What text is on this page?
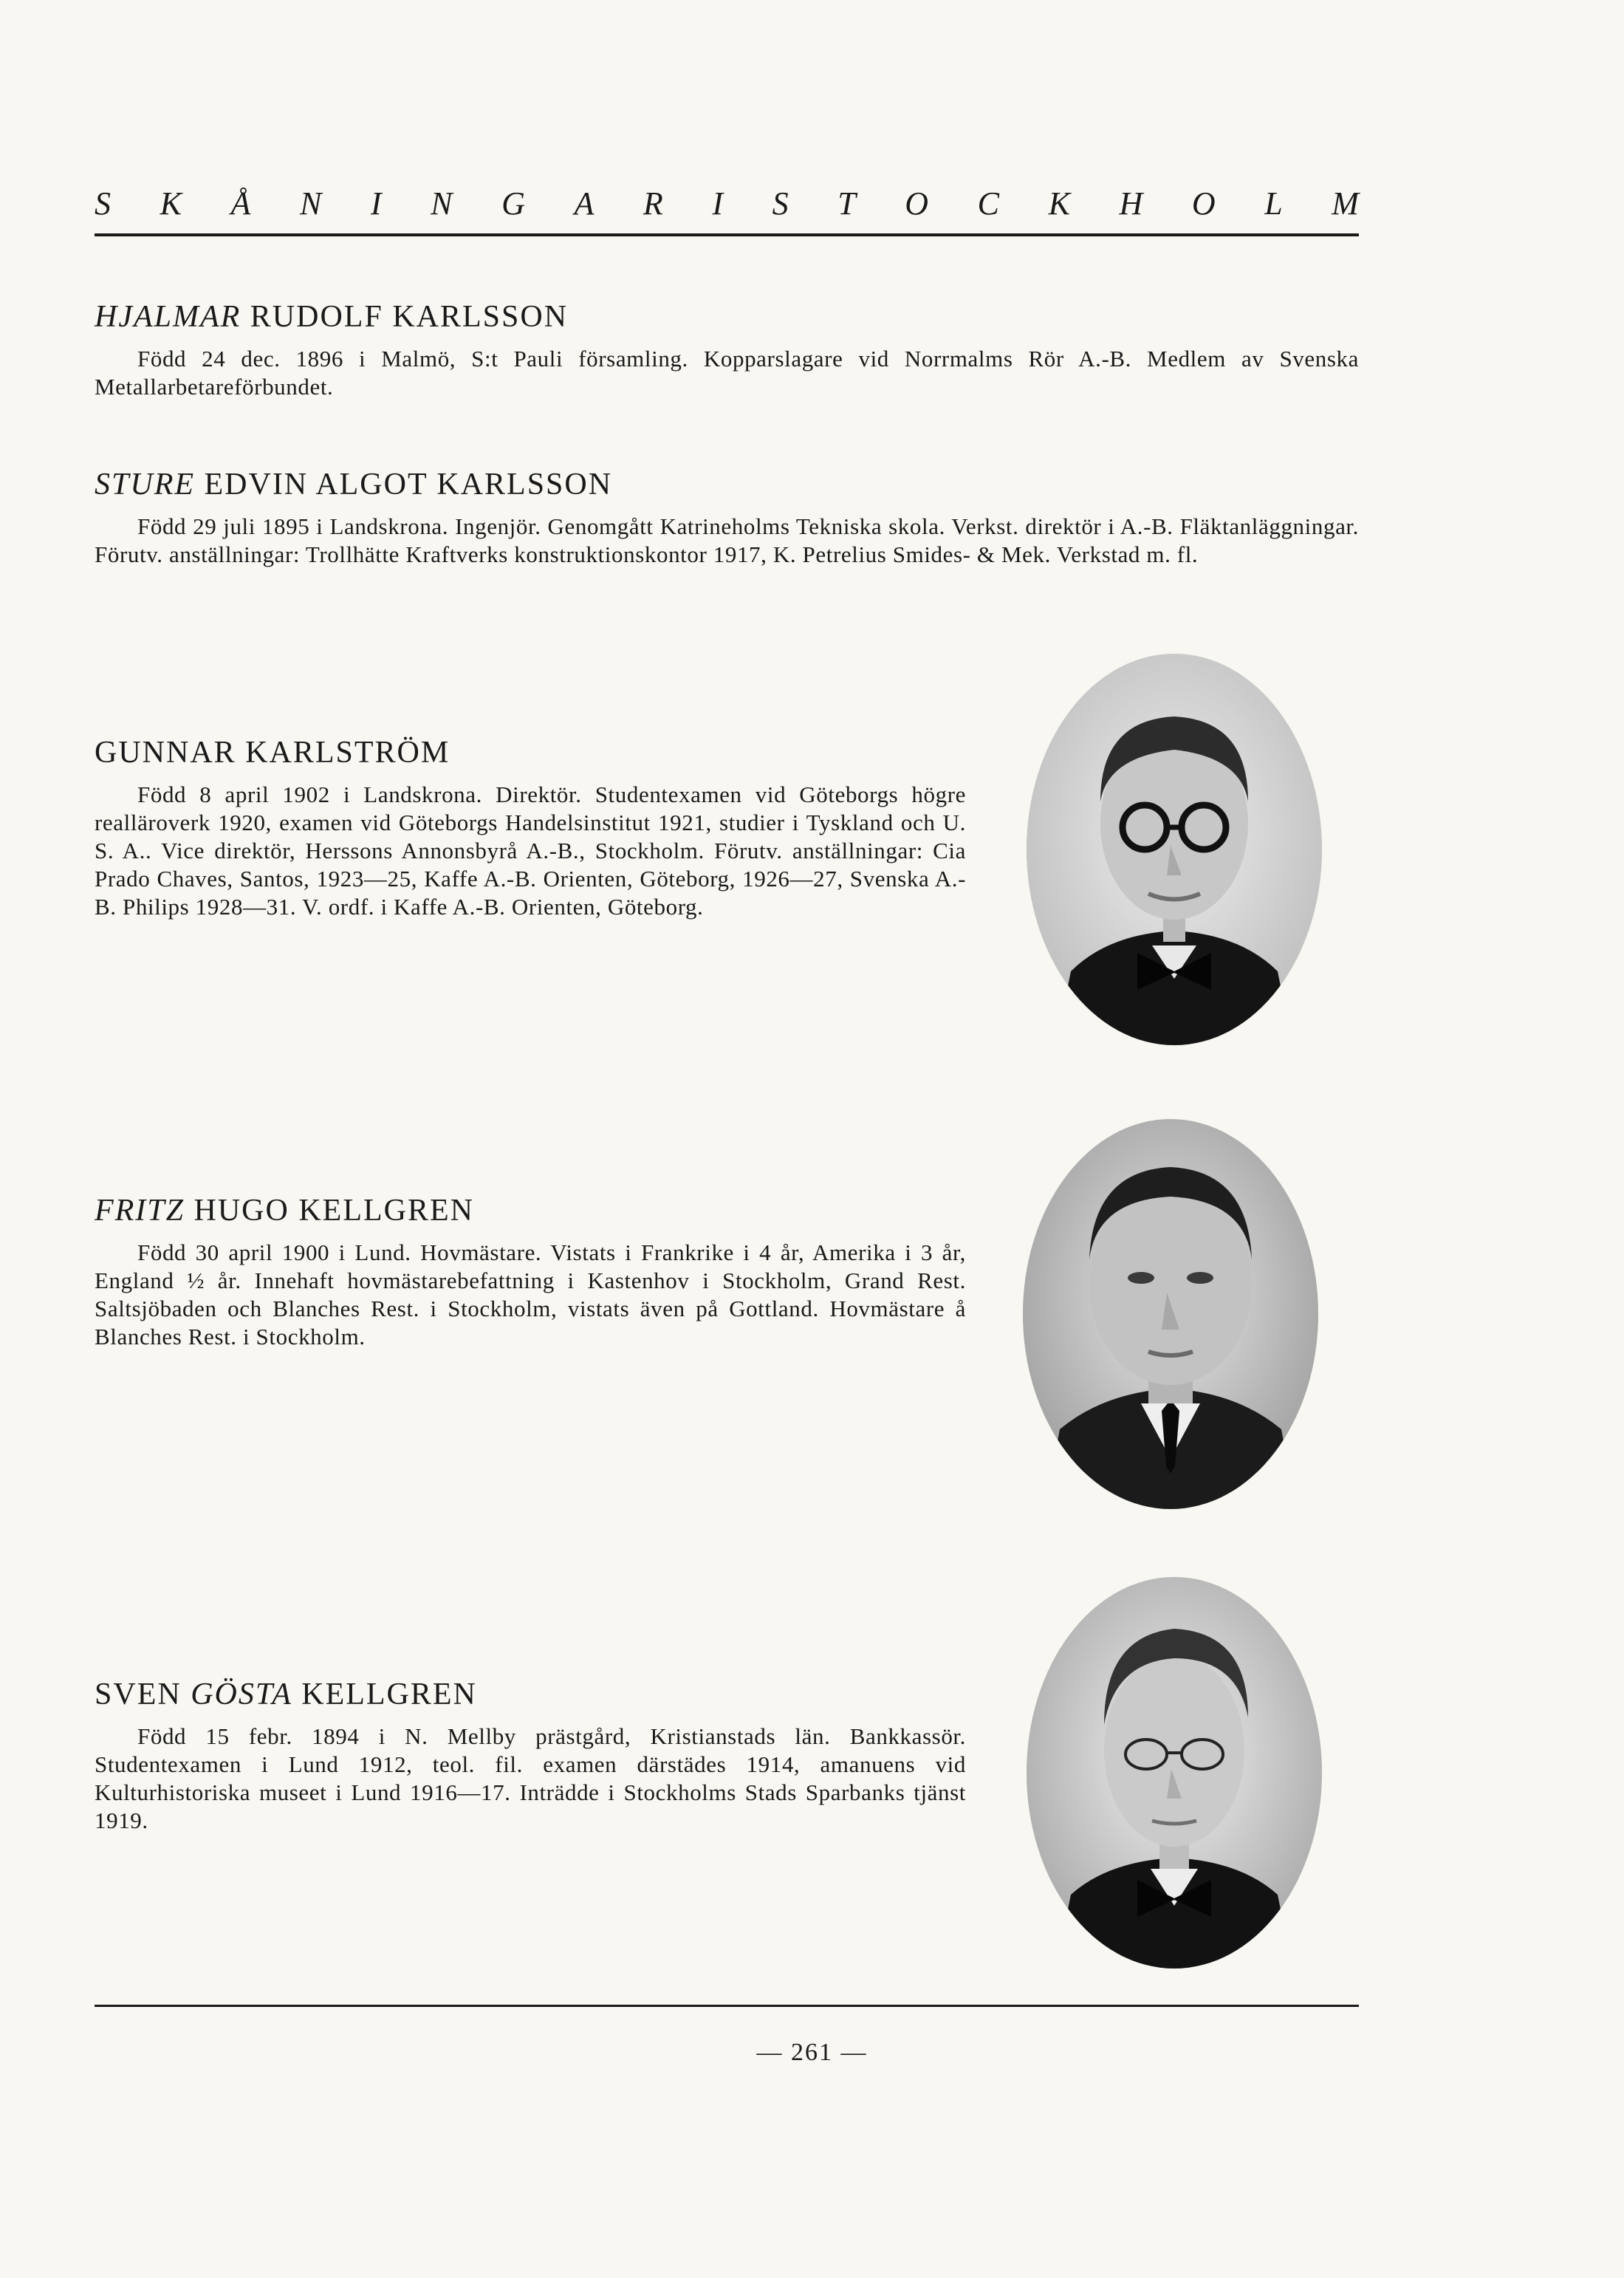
S K Å N I N G A R I S T O C K H O L M
HJALMAR RUDOLF KARLSSON

Född 24 dec. 1896 i Malmö, S:t Pauli församling. Kopparslagare vid Norrmalms Rör A.-B. Medlem av Svenska Metallarbetareförbundet.

STURE EDVIN ALGOT KARLSSON

Född 29 juli 1895 i Landskrona. Ingenjör. Genomgått Katrineholms Tekniska skola. Verkst. direktör i A.-B. Fläktanläggningar. Förutv. anställningar: Trollhätte Kraftverks konstruktionskontor 1917, K. Petrelius Smides- & Mek. Verkstad m. fl.

GUNNAR KARLSTRÖM

Född 8 april 1902 i Landskrona. Direktör. Studentexamen vid Göteborgs högre realläroverk 1920, examen vid Göteborgs Handelsinstitut 1921, studier i Tyskland och U. S. A.. Vice direktör, Herssons Annonsbyrå A.-B., Stockholm. Förutv. anställningar: Cia Prado Chaves, Santos, 1923—25, Kaffe A.-B. Orienten, Göteborg, 1926—27, Svenska A.-B. Philips 1928—31. V. ordf. i Kaffe A.-B. Orienten, Göteborg.

FRITZ HUGO KELLGREN

Född 30 april 1900 i Lund. Hovmästare. Vistats i Frankrike i 4 år, Amerika i 3 år, England ½ år. Innehaft hovmästarebefattning i Kastenhov i Stockholm, Grand Rest. Saltsjöbaden och Blanches Rest. i Stockholm, vistats även på Gottland. Hovmästare å Blanches Rest. i Stockholm.

SVEN GÖSTA KELLGREN

Född 15 febr. 1894 i N. Mellby prästgård, Kristianstads län. Bankkassör. Studentexamen i Lund 1912, teol. fil. examen därstädes 1914, amanuens vid Kulturhistoriska museet i Lund 1916—17. Inträdde i Stockholms Stads Sparbanks tjänst 1919.

— 261 —
